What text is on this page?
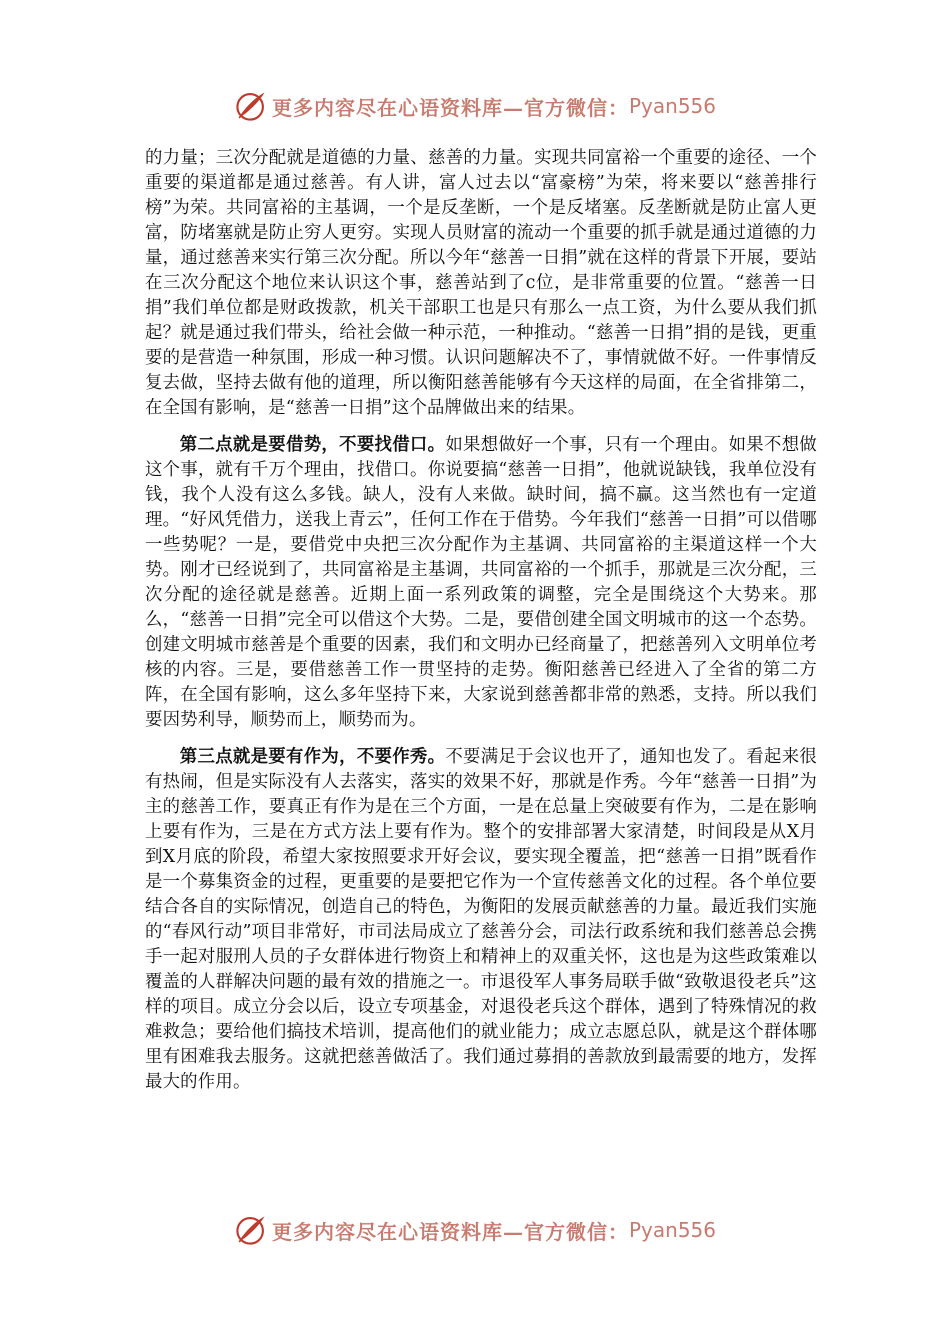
更多内容尽在心语资料库—官方微信： Pyan556

的力量；三次分配就是道德的力量、慈善的力量。实现共同富裕一个重要的途径、一个重要的渠道都是通过慈善。有人讲，富人过去以“富豪榜”为荣，将来要以“慈善排行榜”为荣。共同富裕的主基调，一个是反垄断，一个是反堵塞。反垄断就是防止富人更富，防堵塞就是防止穷人更穷。实现人员财富的流动一个重要的抓手就是通过道德的力量，通过慈善来实行第三次分配。所以今年“慈善一日捐”就在这样的背景下开展，要站在三次分配这个地位来认识这个事，慈善站到了c位，是非常重要的位置。“慈善一日捐”我们单位都是财政拨款，机关干部职工也是只有那么一点工资，为什么要从我们抓起？就是通过我们带头，给社会做一种示范，一种推动。“慈善一日捐”捐的是钱，更重要的是营造一种氛围，形成一种习惯。认识问题解决不了，事情就做不好。一件事情反复去做，坚持去做有他的道理，所以衡阳慈善能够有今天这样的局面，在全省排第二，在全国有影响，是“慈善一日捐”这个品牌做出来的结果。

第二点就是要借势，不要找借口。如果想做好一个事，只有一个理由。如果不想做这个事，就有千万个理由，找借口。你说要搞“慈善一日捐”，他就说缺钱，我单位没有钱，我个人没有这么多钱。缺人，没有人来做。缺时间，搞不赢。这当然也有一定道理。“好风凭借力，送我上青云”，任何工作在于借势。今年我们“慈善一日捐”可以借哪一些势呢？一是，要借党中央把三次分配作为主基调、共同富裕的主渠道这样一个大势。刚才已经说到了，共同富裕是主基调，共同富裕的一个抓手，那就是三次分配，三次分配的途径就是慈善。近期上面一系列政策的调整，完全是围绕这个大势来。那么，“慈善一日捐”完全可以借这个大势。二是，要借创建全国文明城市的这一个态势。创建文明城市慈善是个重要的因素，我们和文明办已经商量了，把慈善列入文明单位考核的内容。三是，要借慈善工作一贯坚持的走势。衡阳慈善已经进入了全省的第二方阵，在全国有影响，这么多年坚持下来，大家说到慈善都非常的熟悉，支持。所以我们要因势利导，顺势而上，顺势而为。

第三点就是要有作为，不要作秀。不要满足于会议也开了，通知也发了。看起来很有热闹，但是实际没有人去落实，落实的效果不好，那就是作秀。今年“慈善一日捐”为主的慈善工作，要真正有作为是在三个方面，一是在总量上突破要有作为，二是在影响上要有作为，三是在方式方法上要有作为。整个的安排部署大家清楚，时间段是从X月到X月底的阶段，希望大家按照要求开好会议，要实现全覆盖，把“慈善一日捐”既看作是一个募集资金的过程，更重要的是要把它作为一个宣传慈善文化的过程。各个单位要结合各自的实际情况，创造自己的特色，为衡阳的发展贡献慈善的力量。最近我们实施的“春风行动”项目非常好，市司法局成立了慈善分会，司法行政系统和我们慈善总会携手一起对服刑人员的子女群体进行物资上和精神上的双重关怀，这也是为这些政策难以覆盖的人群解决问题的最有效的措施之一。市退役军人事务局联手做“致敬退役老兵”这样的项目。成立分会以后，设立专项基金，对退役老兵这个群体，遇到了特殊情况的救难救急；要给他们搞技术培训，提高他们的就业能力；成立志愿总队，就是这个群体哪里有困难我去服务。这就把慈善做活了。我们通过募捐的善款放到最需要的地方，发挥最大的作用。

更多内容尽在心语资料库—官方微信： Pyan556
